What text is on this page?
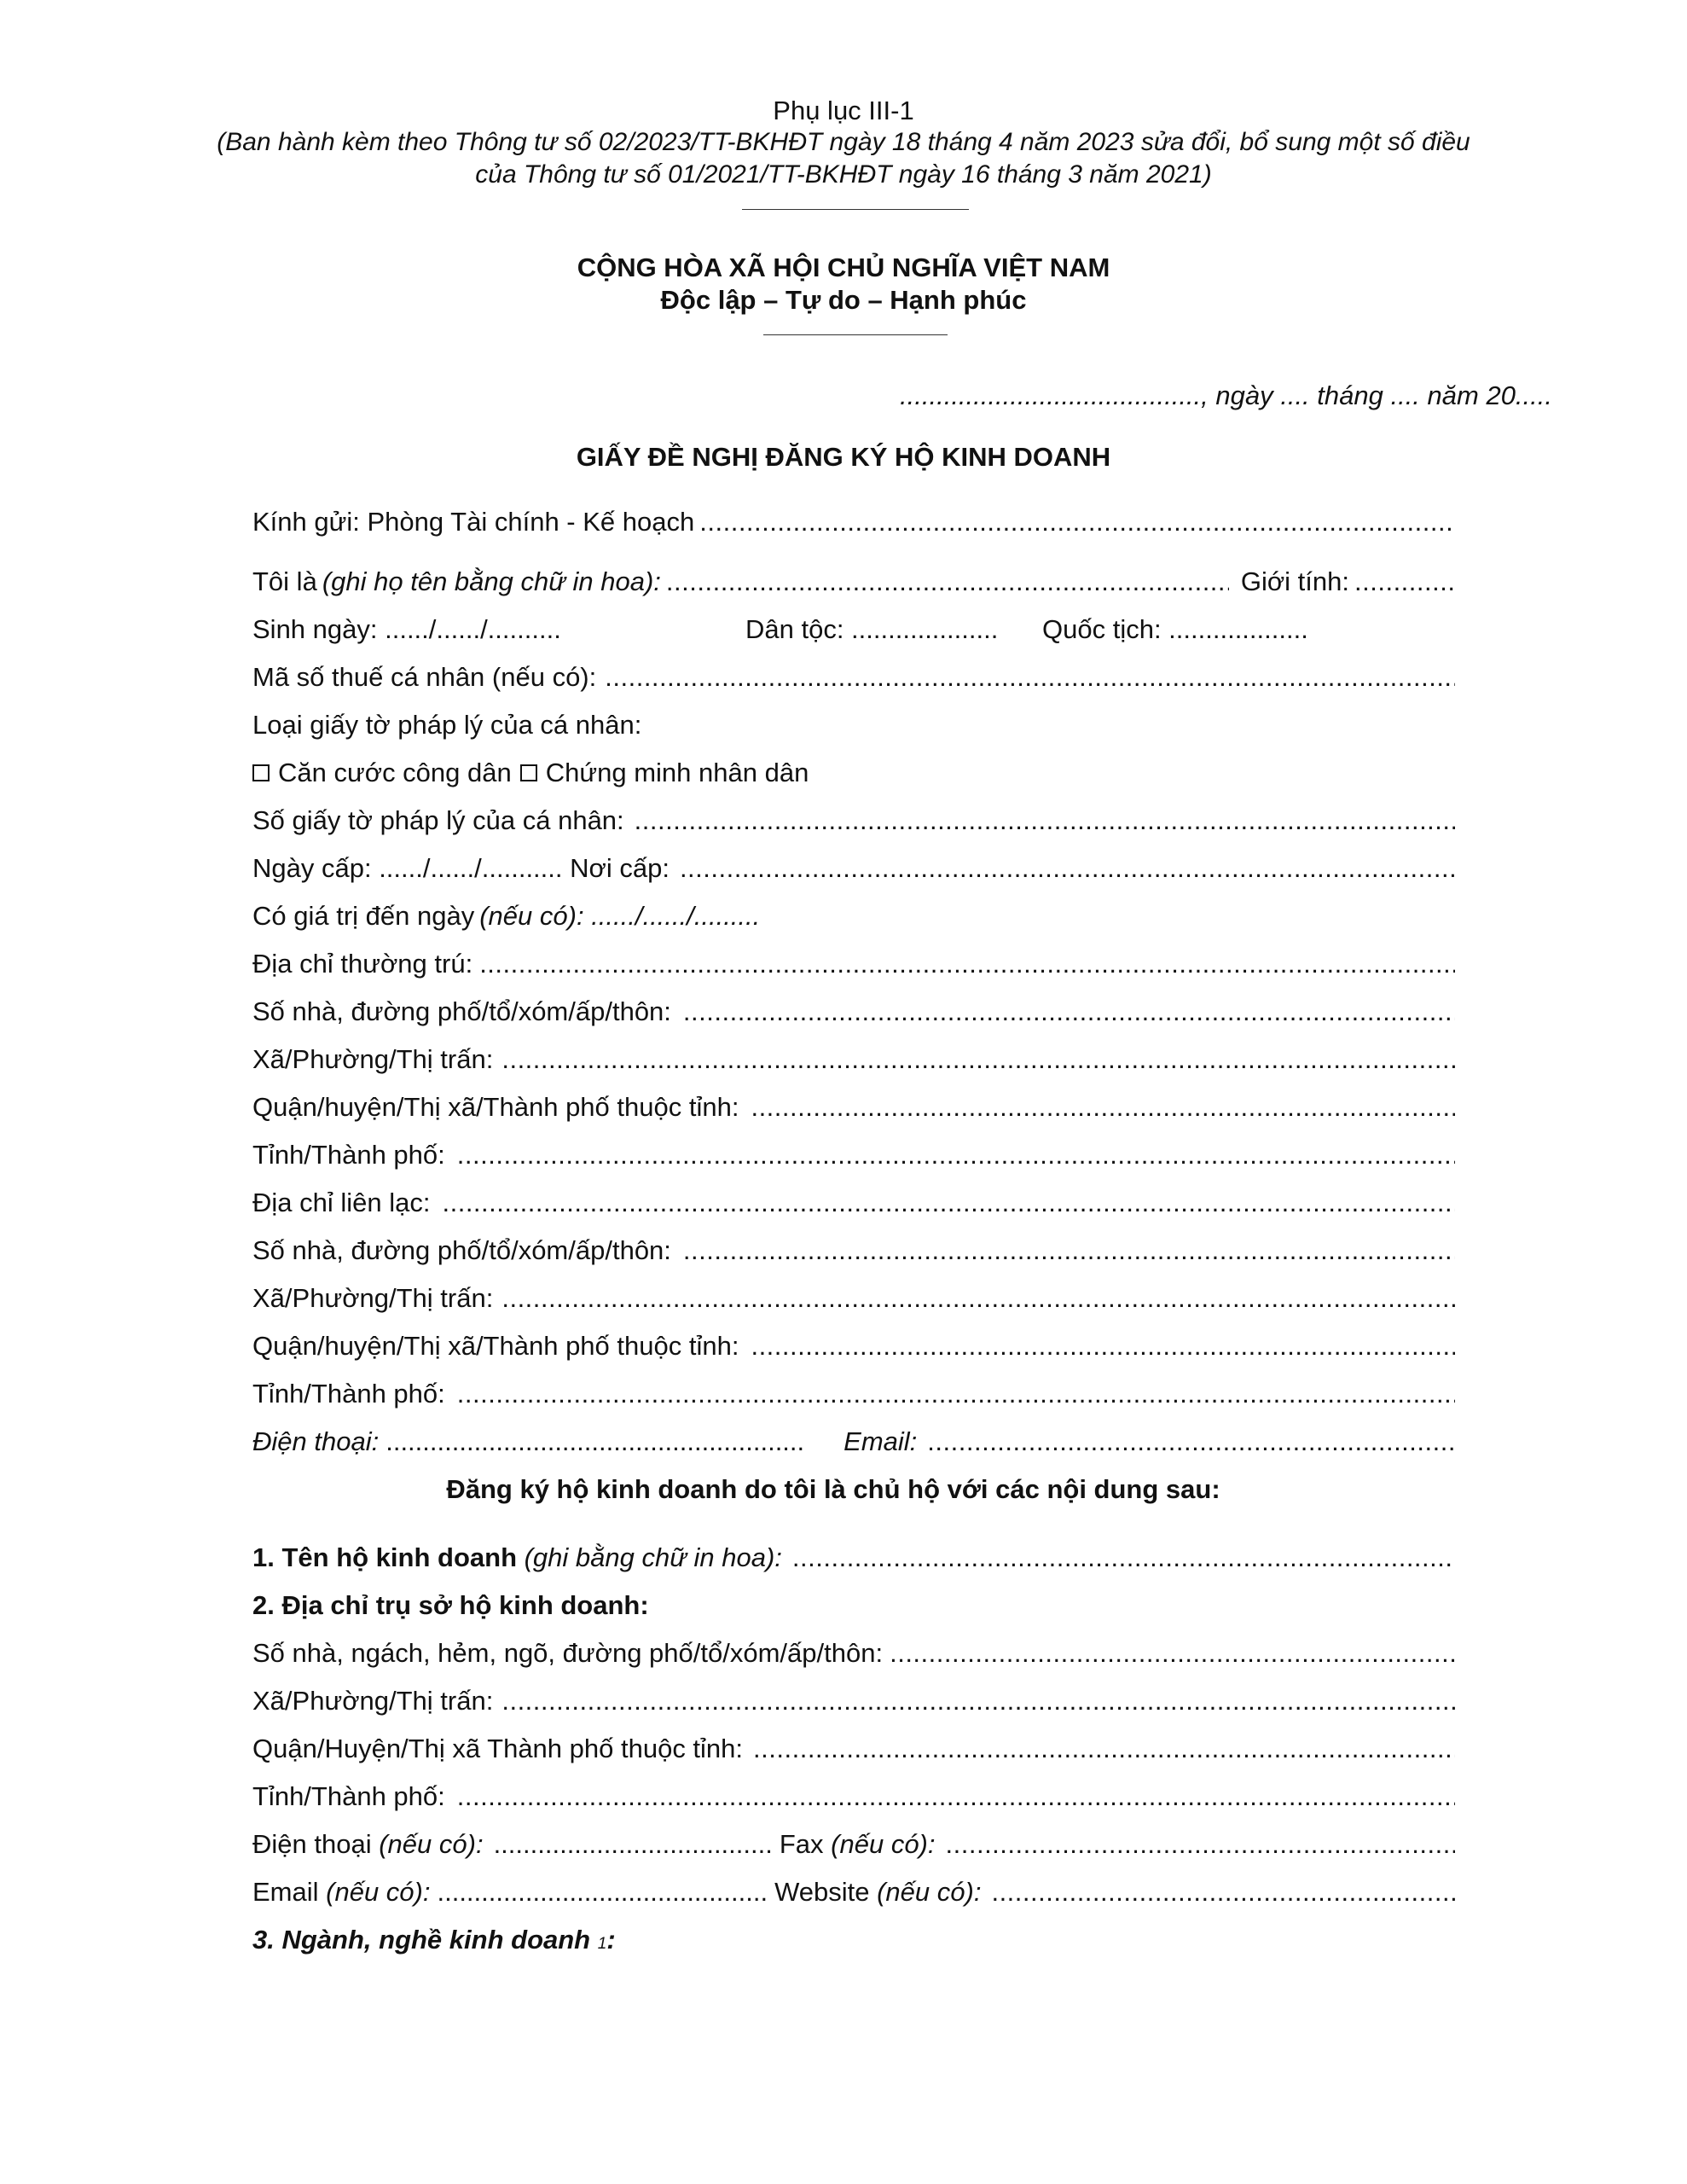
Phụ lục III-1
(Ban hành kèm theo Thông tư số 02/2023/TT-BKHĐT ngày 18 tháng 4 năm 2023 sửa đổi, bổ sung một số điều
của Thông tư số 01/2021/TT-BKHĐT ngày 16 tháng 3 năm 2021)
CỘNG HÒA XÃ HỘI CHỦ NGHĨA VIỆT NAM
Độc lập – Tự do – Hạnh phúc
........................................., ngày .... tháng .... năm 20.....
GIẤY ĐỀ NGHỊ ĐĂNG KÝ HỘ KINH DOANH
Kính gửi: Phòng Tài chính - Kế hoạch
.....
Tôi là (ghi họ tên bằng chữ in hoa):
.....	Giới tính:
.....
Sinh ngày: ....../....../..........	Dân tộc: ....................	Quốc tịch: ...................
Mã số thuế cá nhân (nếu có):
.....
Loại giấy tờ pháp lý của cá nhân:
Căn cước công dân Chứng minh nhân dân
Số giấy tờ pháp lý của cá nhân:
.....
Ngày cấp: ....../....../........... Nơi cấp:
.....
Có giá trị đến ngày (nếu có): ....../....../.........
Địa chỉ thường trú:
.....
Số nhà, đường phố/tổ/xóm/ấp/thôn:
.....
Xã/Phường/Thị trấn:
.....
Quận/huyện/Thị xã/Thành phố thuộc tỉnh:
.....
Tỉnh/Thành phố:
.....
Địa chỉ liên lạc:
.....
Số nhà, đường phố/tổ/xóm/ấp/thôn:
.....
Xã/Phường/Thị trấn:
.....
Quận/huyện/Thị xã/Thành phố thuộc tỉnh:
.....
Tỉnh/Thành phố:
.....
Điện thoại: ......................................................... Email:
.....
Đăng ký hộ kinh doanh do tôi là chủ hộ với các nội dung sau:
1. Tên hộ kinh doanh (ghi bằng chữ in hoa):
.....
2. Địa chỉ trụ sở hộ kinh doanh:
Số nhà, ngách, hẻm, ngõ, đường phố/tổ/xóm/ấp/thôn:
.....
Xã/Phường/Thị trấn:
.....
Quận/Huyện/Thị xã Thành phố thuộc tỉnh:
.....
Tỉnh/Thành phố:
.....
Điện thoại (nếu có): ...................................... Fax (nếu có):
.....
Email (nếu có): ............................................. Website (nếu có):
.....
3. Ngành, nghề kinh doanh 1 :
